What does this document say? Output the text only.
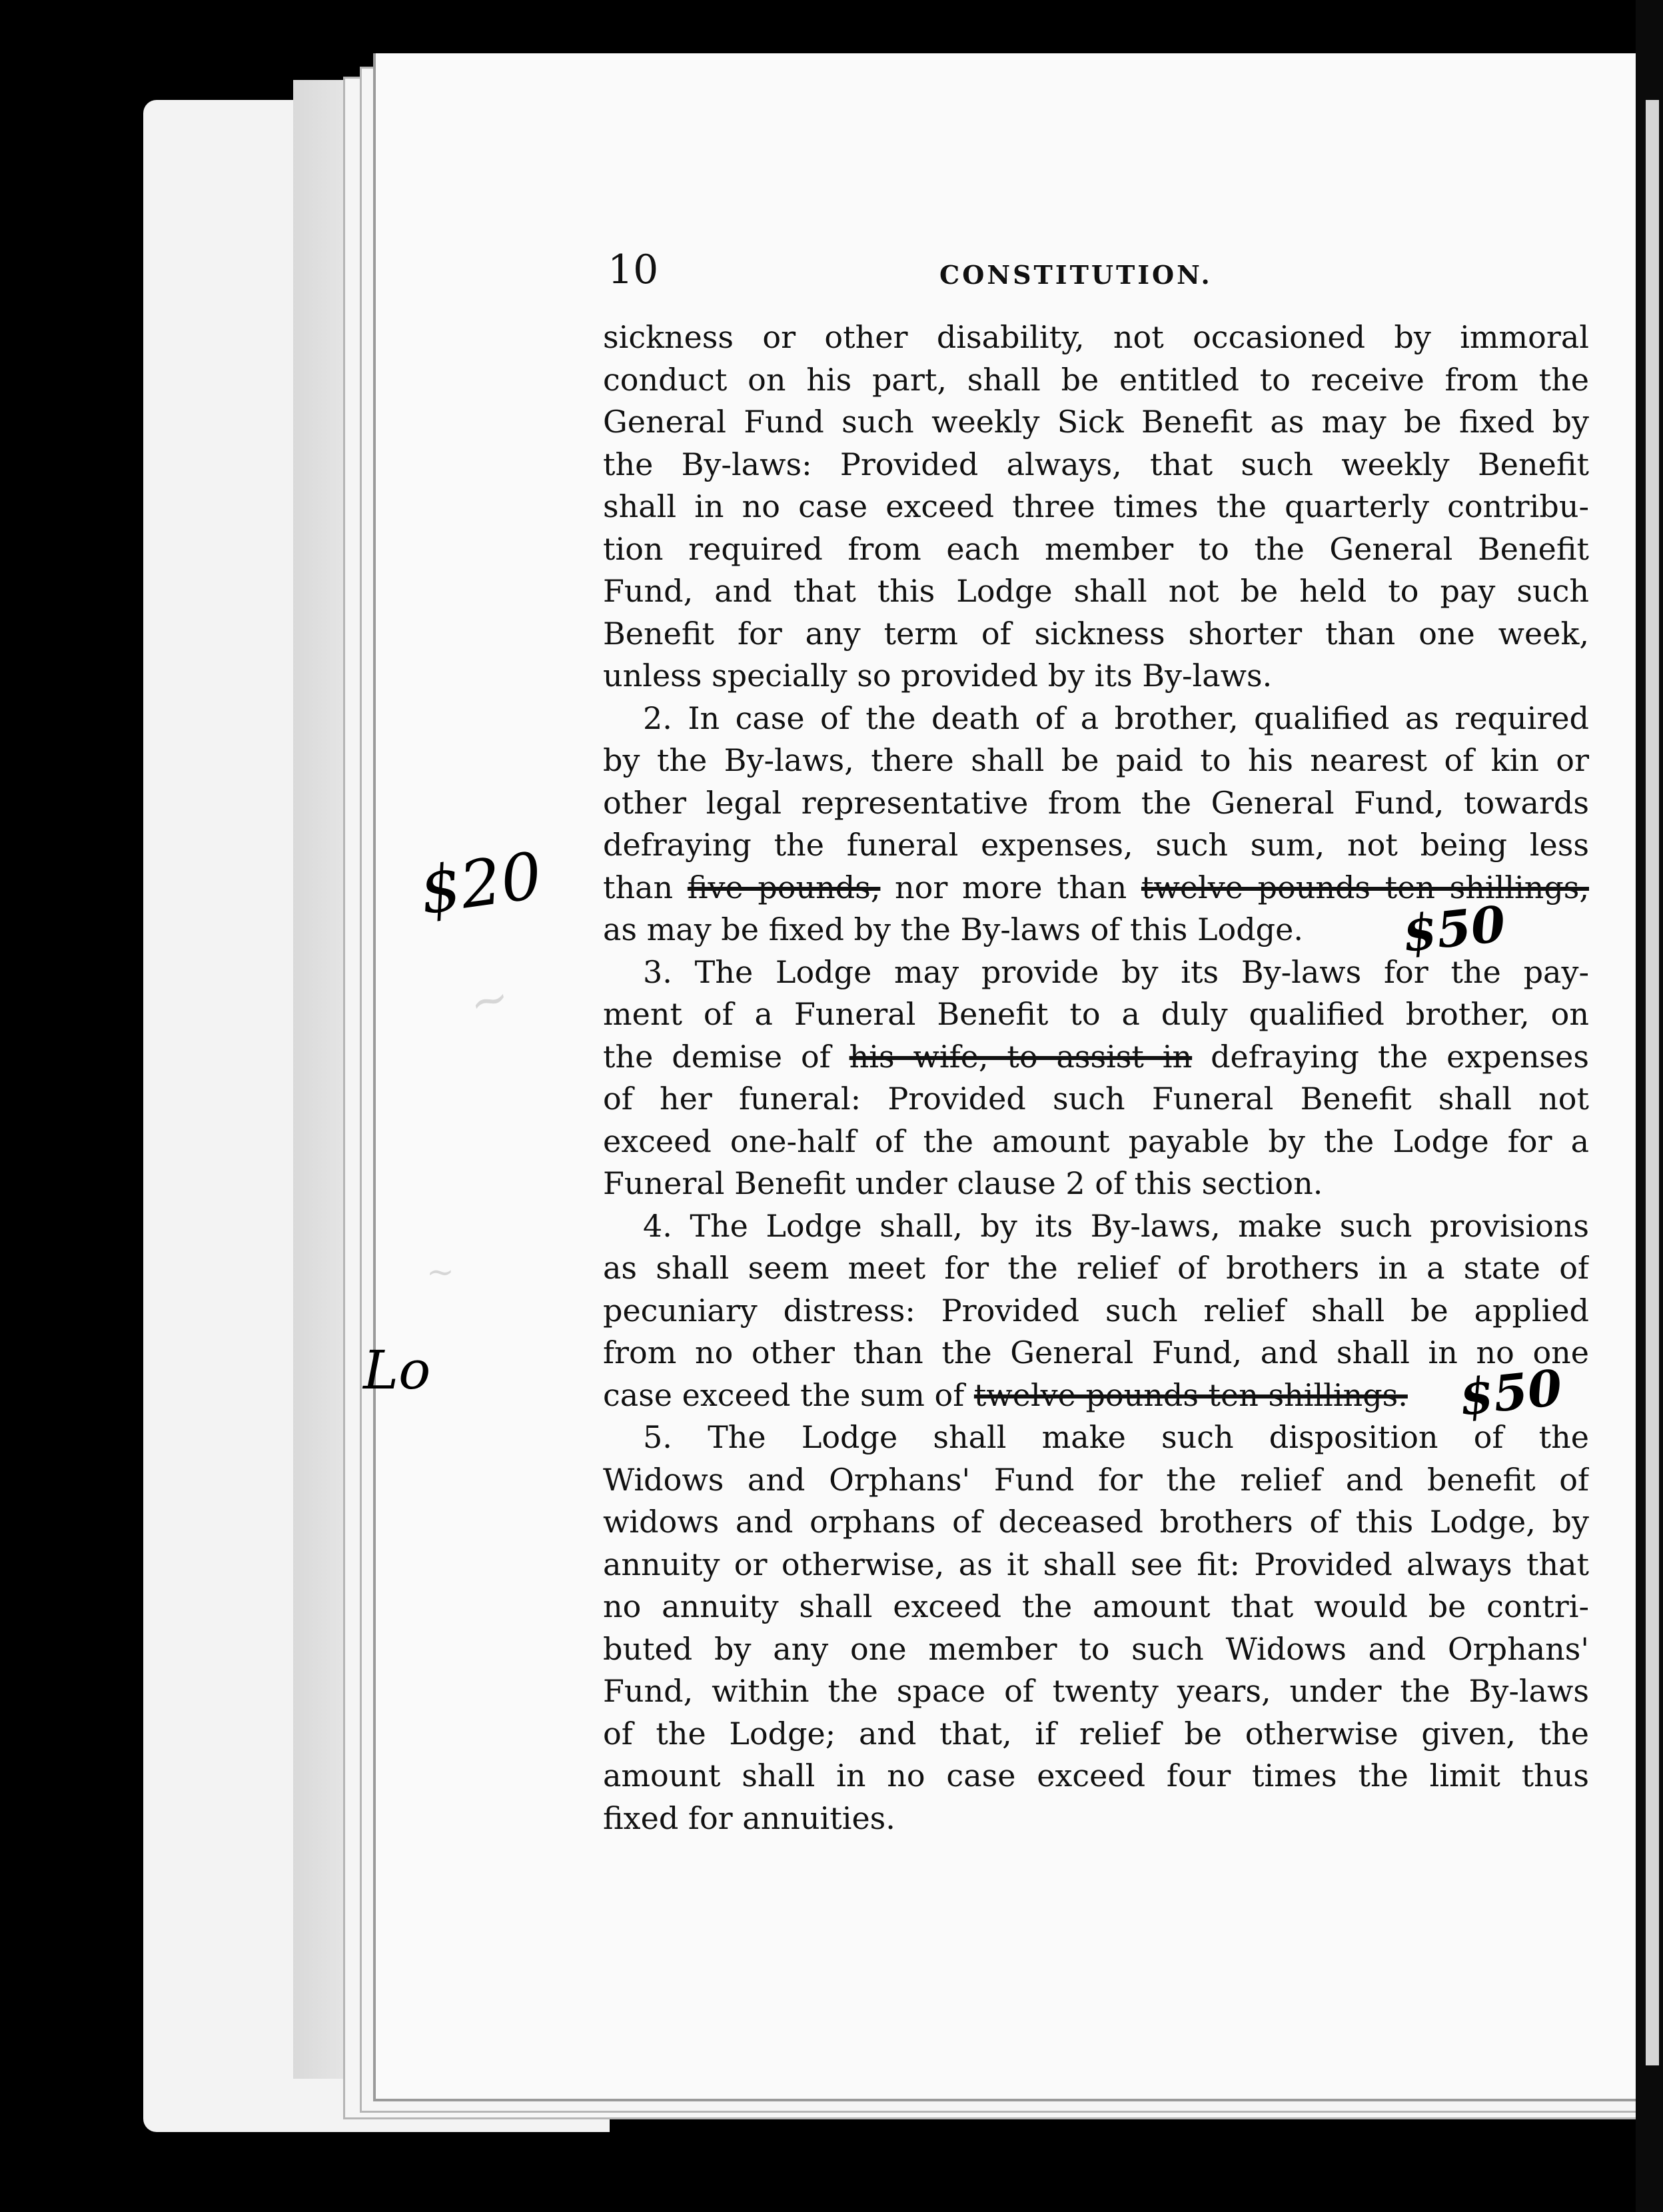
~
~
10	CONSTITUTION.
sickness or other disability, not occasioned by immoral
conduct on his part, shall be entitled to receive from the
General Fund such weekly Sick Benefit as may be fixed by
the By-laws: Provided always, that such weekly Benefit
shall in no case exceed three times the quarterly contribu-
tion required from each member to the General Benefit
Fund, and that this Lodge shall not be held to pay such
Benefit for any term of sickness shorter than one week,
unless specially so provided by its By-laws.
2. In case of the death of a brother, qualified as required
by the By-laws, there shall be paid to his nearest of kin or
other legal representative from the General Fund, towards
defraying the funeral expenses, such sum, not being less
than five pounds, nor more than twelve pounds ten shillings,
as may be fixed by the By-laws of this Lodge.
3. The Lodge may provide by its By-laws for the pay-
ment of a Funeral Benefit to a duly qualified brother, on
the demise of his wife, to assist in defraying the expenses
of her funeral: Provided such Funeral Benefit shall not
exceed one-half of the amount payable by the Lodge for a
Funeral Benefit under clause 2 of this section.
4. The Lodge shall, by its By-laws, make such provisions
as shall seem meet for the relief of brothers in a state of
pecuniary distress: Provided such relief shall be applied
from no other than the General Fund, and shall in no one
case exceed the sum of twelve pounds ten shillings.
5. The Lodge shall make such disposition of the
Widows and Orphans' Fund for the relief and benefit of
widows and orphans of deceased brothers of this Lodge, by
annuity or otherwise, as it shall see fit: Provided always that
no annuity shall exceed the amount that would be contri-
buted by any one member to such Widows and Orphans'
Fund, within the space of twenty years, under the By-laws
of the Lodge; and that, if relief be otherwise given, the
amount shall in no case exceed four times the limit thus
fixed for annuities.
$20
$50
$50
Lo
